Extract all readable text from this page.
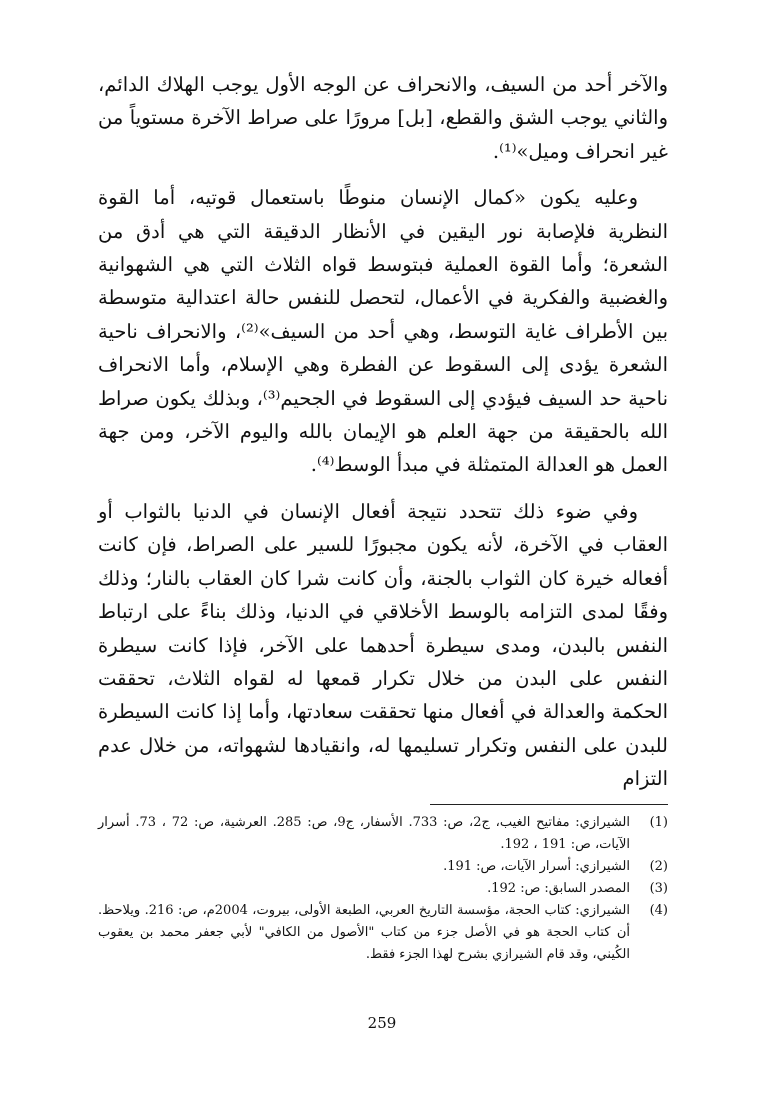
والآخر أحد من السيف، والانحراف عن الوجه الأول يوجب الهلاك الدائم، والثاني يوجب الشق والقطع، [بل] مرورًا على صراط الآخرة مستوياً من غير انحراف وميل»⁽¹⁾.

وعليه يكون «كمال الإنسان منوطًا باستعمال قوتيه، أما القوة النظرية فلإصابة نور اليقين في الأنظار الدقيقة التي هي أدق من الشعرة؛ وأما القوة العملية فبتوسط قواه الثلاث التي هي الشهوانية والغضبية والفكرية في الأعمال، لتحصل للنفس حالة اعتدالية متوسطة بين الأطراف غاية التوسط، وهي أحد من السيف»⁽²⁾، والانحراف ناحية الشعرة يؤدى إلى السقوط عن الفطرة وهي الإسلام، وأما الانحراف ناحية حد السيف فيؤدي إلى السقوط في الجحيم⁽³⁾، وبذلك يكون صراط الله بالحقيقة من جهة العلم هو الإيمان بالله واليوم الآخر، ومن جهة العمل هو العدالة المتمثلة في مبدأ الوسط⁽⁴⁾.

وفي ضوء ذلك تتحدد نتيجة أفعال الإنسان في الدنيا بالثواب أو العقاب في الآخرة، لأنه يكون مجبورًا للسير على الصراط، فإن كانت أفعاله خيرة كان الثواب بالجنة، وأن كانت شرا كان العقاب بالنار؛ وذلك وفقًا لمدى التزامه بالوسط الأخلاقي في الدنيا، وذلك بناءً على ارتباط النفس بالبدن، ومدى سيطرة أحدهما على الآخر، فإذا كانت سيطرة النفس على البدن من خلال تكرار قمعها له لقواه الثلاث، تحققت الحكمة والعدالة في أفعال منها تحققت سعادتها، وأما إذا كانت السيطرة للبدن على النفس وتكرار تسليمها له، وانقيادها لشهواته، من خلال عدم التزام

(1)
الشيرازي: مفاتيح الغيب، ج2، ص: 733. الأسفار، ج9، ص: 285. العرشية، ص: 72 ، 73. أسرار الآيات، ص: 191 ، 192.
(2)
الشيرازي: أسرار الآيات، ص: 191.
(3)
المصدر السابق: ص: 192.
(4)
الشيرازي: كتاب الحجة، مؤسسة التاريخ العربي، الطبعة الأولى، بيروت، 2004م، ص: 216. ويلاحظ. أن كتاب الحجة هو في الأصل جزء من كتاب "الأصول من الكافي" لأبي جعفر محمد بن يعقوب الكُيني، وقد قام الشيرازي بشرح لهذا الجزء فقط.
259
